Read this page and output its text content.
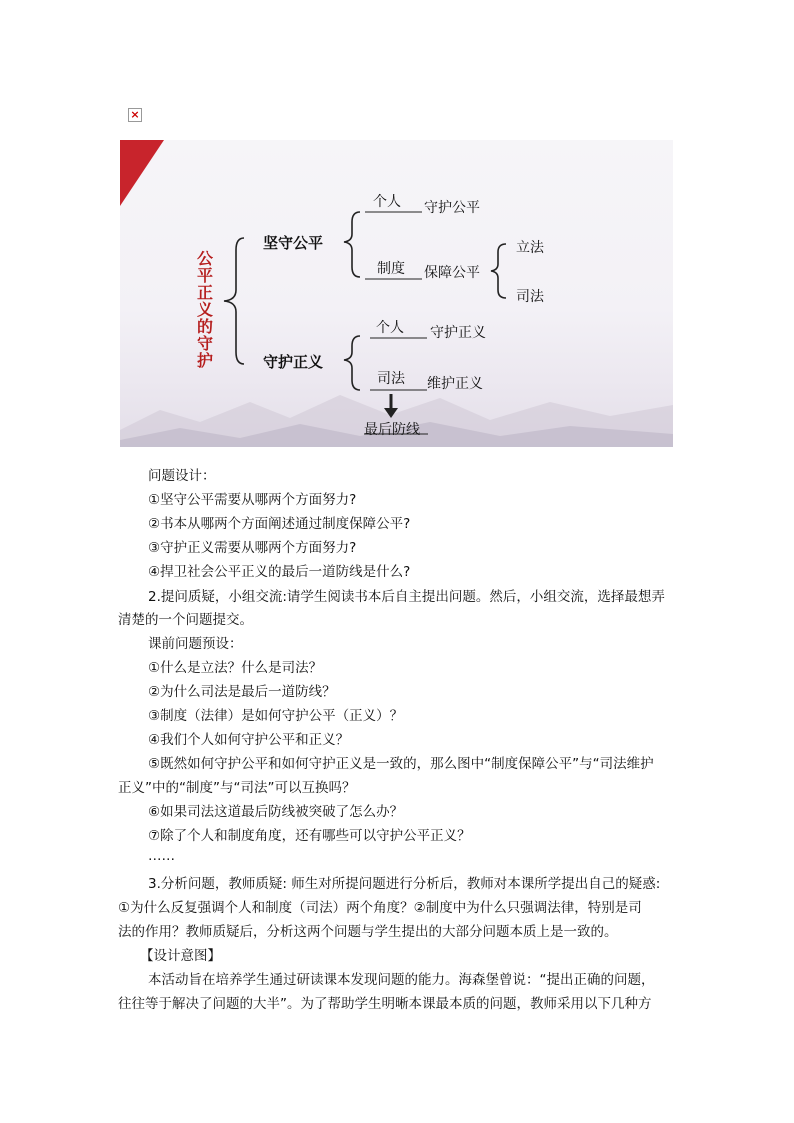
×
公平正义的守护
坚守公平
个人 守护公平
制度 保障公平
立法
司法
守护正义
个人 守护正义
司法 维护正义
最后防线
问题设计：
①坚守公平需要从哪两个方面努力?
②书本从哪两个方面阐述通过制度保障公平?
③守护正义需要从哪两个方面努力?
④捍卫社会公平正义的最后一道防线是什么?
2.提问质疑，小组交流:请学生阅读书本后自主提出问题。然后，小组交流，选择最想弄
清楚的一个问题提交。
课前问题预设：
①什么是立法？什么是司法？
②为什么司法是最后一道防线？
③制度（法律）是如何守护公平（正义）？
④我们个人如何守护公平和正义？
⑤既然如何守护公平和如何守护正义是一致的，那么图中“制度保障公平”与“司法维护
正义”中的“制度”与“司法”可以互换吗？
⑥如果司法这道最后防线被突破了怎么办？
⑦除了个人和制度角度，还有哪些可以守护公平正义？
……
3.分析问题，教师质疑: 师生对所提问题进行分析后，教师对本课所学提出自己的疑惑:
①为什么反复强调个人和制度（司法）两个角度？②制度中为什么只强调法律，特别是司
法的作用？教师质疑后，分析这两个问题与学生提出的大部分问题本质上是一致的。
【设计意图】
本活动旨在培养学生通过研读课本发现问题的能力。海森堡曾说：“提出正确的问题，
往往等于解决了问题的大半”。为了帮助学生明晰本课最本质的问题，教师采用以下几种方
